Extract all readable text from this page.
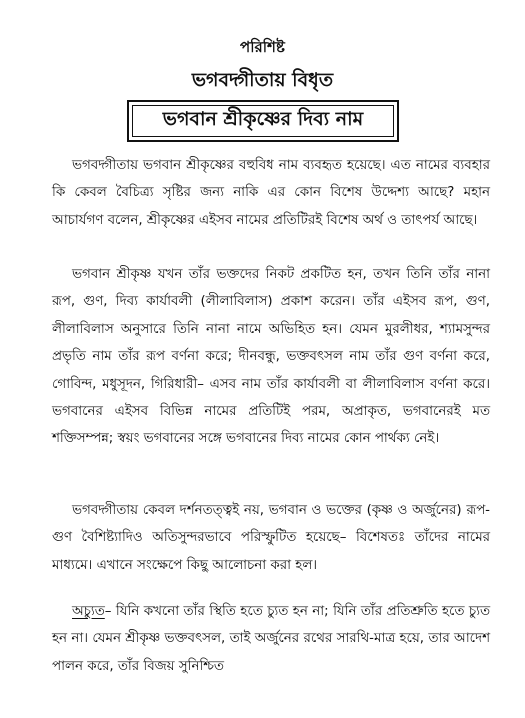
পরিশিষ্ট
ভগবদ্গীতায় বিধৃত
ভগবান শ্রীকৃষ্ণের দিব্য নাম

ভগবদ্গীতায় ভগবান শ্রীকৃষ্ণের বহুবিধ নাম ব্যবহৃত হয়েছে। এত নামের ব্যবহার কি কেবল বৈচিত্র্য সৃষ্টির জন্য নাকি এর কোন বিশেষ উদ্দেশ্য আছে? মহান আচার্যগণ বলেন, শ্রীকৃষ্ণের এইসব নামের প্রতিটিরই বিশেষ অর্থ ও তাৎপর্য আছে।

ভগবান শ্রীকৃষ্ণ যখন তাঁর ভক্তদের নিকট প্রকটিত হন, তখন তিনি তাঁর নানা রূপ, গুণ, দিব্য কার্যাবলী (লীলাবিলাস) প্রকাশ করেন। তাঁর এইসব রূপ, গুণ, লীলাবিলাস অনুসারে তিনি নানা নামে অভিহিত হন। যেমন মুরলীধর, শ্যামসুন্দর প্রভৃতি নাম তাঁর রূপ বর্ণনা করে; দীনবন্ধু, ভক্তবৎসল নাম তাঁর গুণ বর্ণনা করে, গোবিন্দ, মধুসূদন, গিরিধারী– এসব নাম তাঁর কার্যাবলী বা লীলাবিলাস বর্ণনা করে। ভগবানের এইসব বিভিন্ন নামের প্রতিটিই পরম, অপ্রাকৃত, ভগবানেরই মত শক্তিসম্পন্ন; স্বয়ং ভগবানের সঙ্গে ভগবানের দিব্য নামের কোন পার্থক্য নেই।

ভগবদ্গীতায় কেবল দর্শনতত্ত্বই নয়, ভগবান ও ভক্তের (কৃষ্ণ ও অর্জুনের) রূপ-গুণ বৈশিষ্ট্যাদিও অতিসুন্দরভাবে পরিস্ফুটিত হয়েছে– বিশেষতঃ তাঁদের নামের মাধ্যমে। এখানে সংক্ষেপে কিছু আলোচনা করা হল।

অচ্যুত– যিনি কখনো তাঁর স্থিতি হতে চ্যুত হন না; যিনি তাঁর প্রতিশ্রুতি হতে চ্যুত হন না। যেমন শ্রীকৃষ্ণ ভক্তবৎসল, তাই অর্জুনের রথের সারথি-মাত্র হয়ে, তার আদেশ পালন করে, তাঁর বিজয় সুনিশ্চিত
